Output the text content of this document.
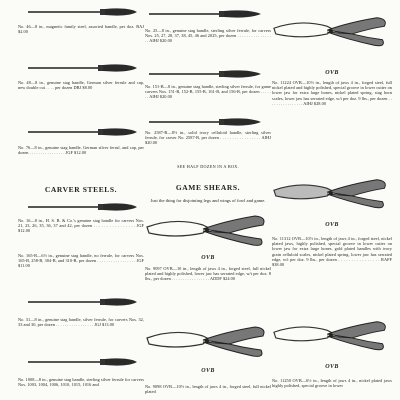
No. 46—8 in., magnetic family steel, assorted handle, per doz. BAJ $2.00

No. 48—8 in., genuine stag handle, German silver ferrule and cap, new double cut . . . . per dozen DBJ $8.00

No. 76—8 in., genuine stag handle, German silver ferrul, and cap, per dozen . . . . . . . . . . . . . . . . JGF $12.00

CARVER STEELS.

No. 16—8 in., H. S. B. & Co.'s genuine stag handle for carvers Nos. 21, 23, 26, 35, 36, 37 and 42, per dozen . . . . . . . . . . . . . . . . JGF $12.00

No. 165-B—6½ in., genuine stag handle, no ferrule, for carvers Nos. 165-B, 258-B, 304-B, and 310-B, per dozen . . . . . . . . . . . . . . . . . JGF $11.00

No. 31—8 in., genuine stag handle, silver ferrule, for carvers Nos. 32, 33 and 30, per dozen . . . . . . . . . . . . . . . . . JGJ $13.00

No. 1008—8 in., genuine stag handle, sterling silver ferrule for carvers Nos. 1003, 1004, 1006, 1010, 1015, 1016 and

No. 25—8 in., genuine stag handle, sterling silver ferrule, for carvers Nos. 25, 27, 28, 37, 38, 45, 46 and 2025, per dozen . . . . . . . . . . . . . . . . . AIHJ $20.00

No. 151-B—8 in., genuine stag handle, sterling silver ferrule, for game carvers Nos. 151-B, 152-B, 155-B, 161-B, and 156-B, per dozen . . . . . . . AIHJ $20.00

No. 2587-B—8½ in., solid ivory celluloid handle, sterling silver ferrule, for carver No. 2587-B, per dozen . . . . . . . . . . . . . . . . . AIHJ $20.00

SEE HALF DOZEN IN A BOX.
GAME SHEARS.

Just the thing for disjointing legs and wings of fowl and game.

OVB

No. 9097 OVB—10 in., length of jaws 4 in., forged steel, full nickel plated and highly polished, lower jaw has serrated edge, w/t per doz. 8 lbs., per dozen . . . . . . . . . . . . . . . . . ADDF $24.00

OVB

No. 9098 OVB—10½ in., length of jaws 4 in., forged steel, full nickel plated

OVB

No. 11224 OVB—10½ in., length of jaws 4 in., forged steel, full nickel plated and highly polished, special groove in lower cutter on lower jaw for extra large bones, nickel plated spring, stag horn scales, lower jaw has serrated edge, w/t per doz. 9 lbs., per dozen . . . . . . . . . . . . . . . . AIHJ $28.00

OVB

No. 11312 OVB—10½ in., length of jaws 4 in., forged steel, nickel plated jaws, highly polished, special groove in lower cutter on lower jaw for extra large bones, gold plated handles with ivory grain celluloid scales, nickel plated spring, lower jaw has serrated edge, w/t per doz. 9 lbs., per dozen . . . . . . . . . . . . . . . . RAFF $38.00

OVB

No. 11250 OVB—6½ in., length of jaws 4 in., nickel plated jaws highly polished, special groove in lower
